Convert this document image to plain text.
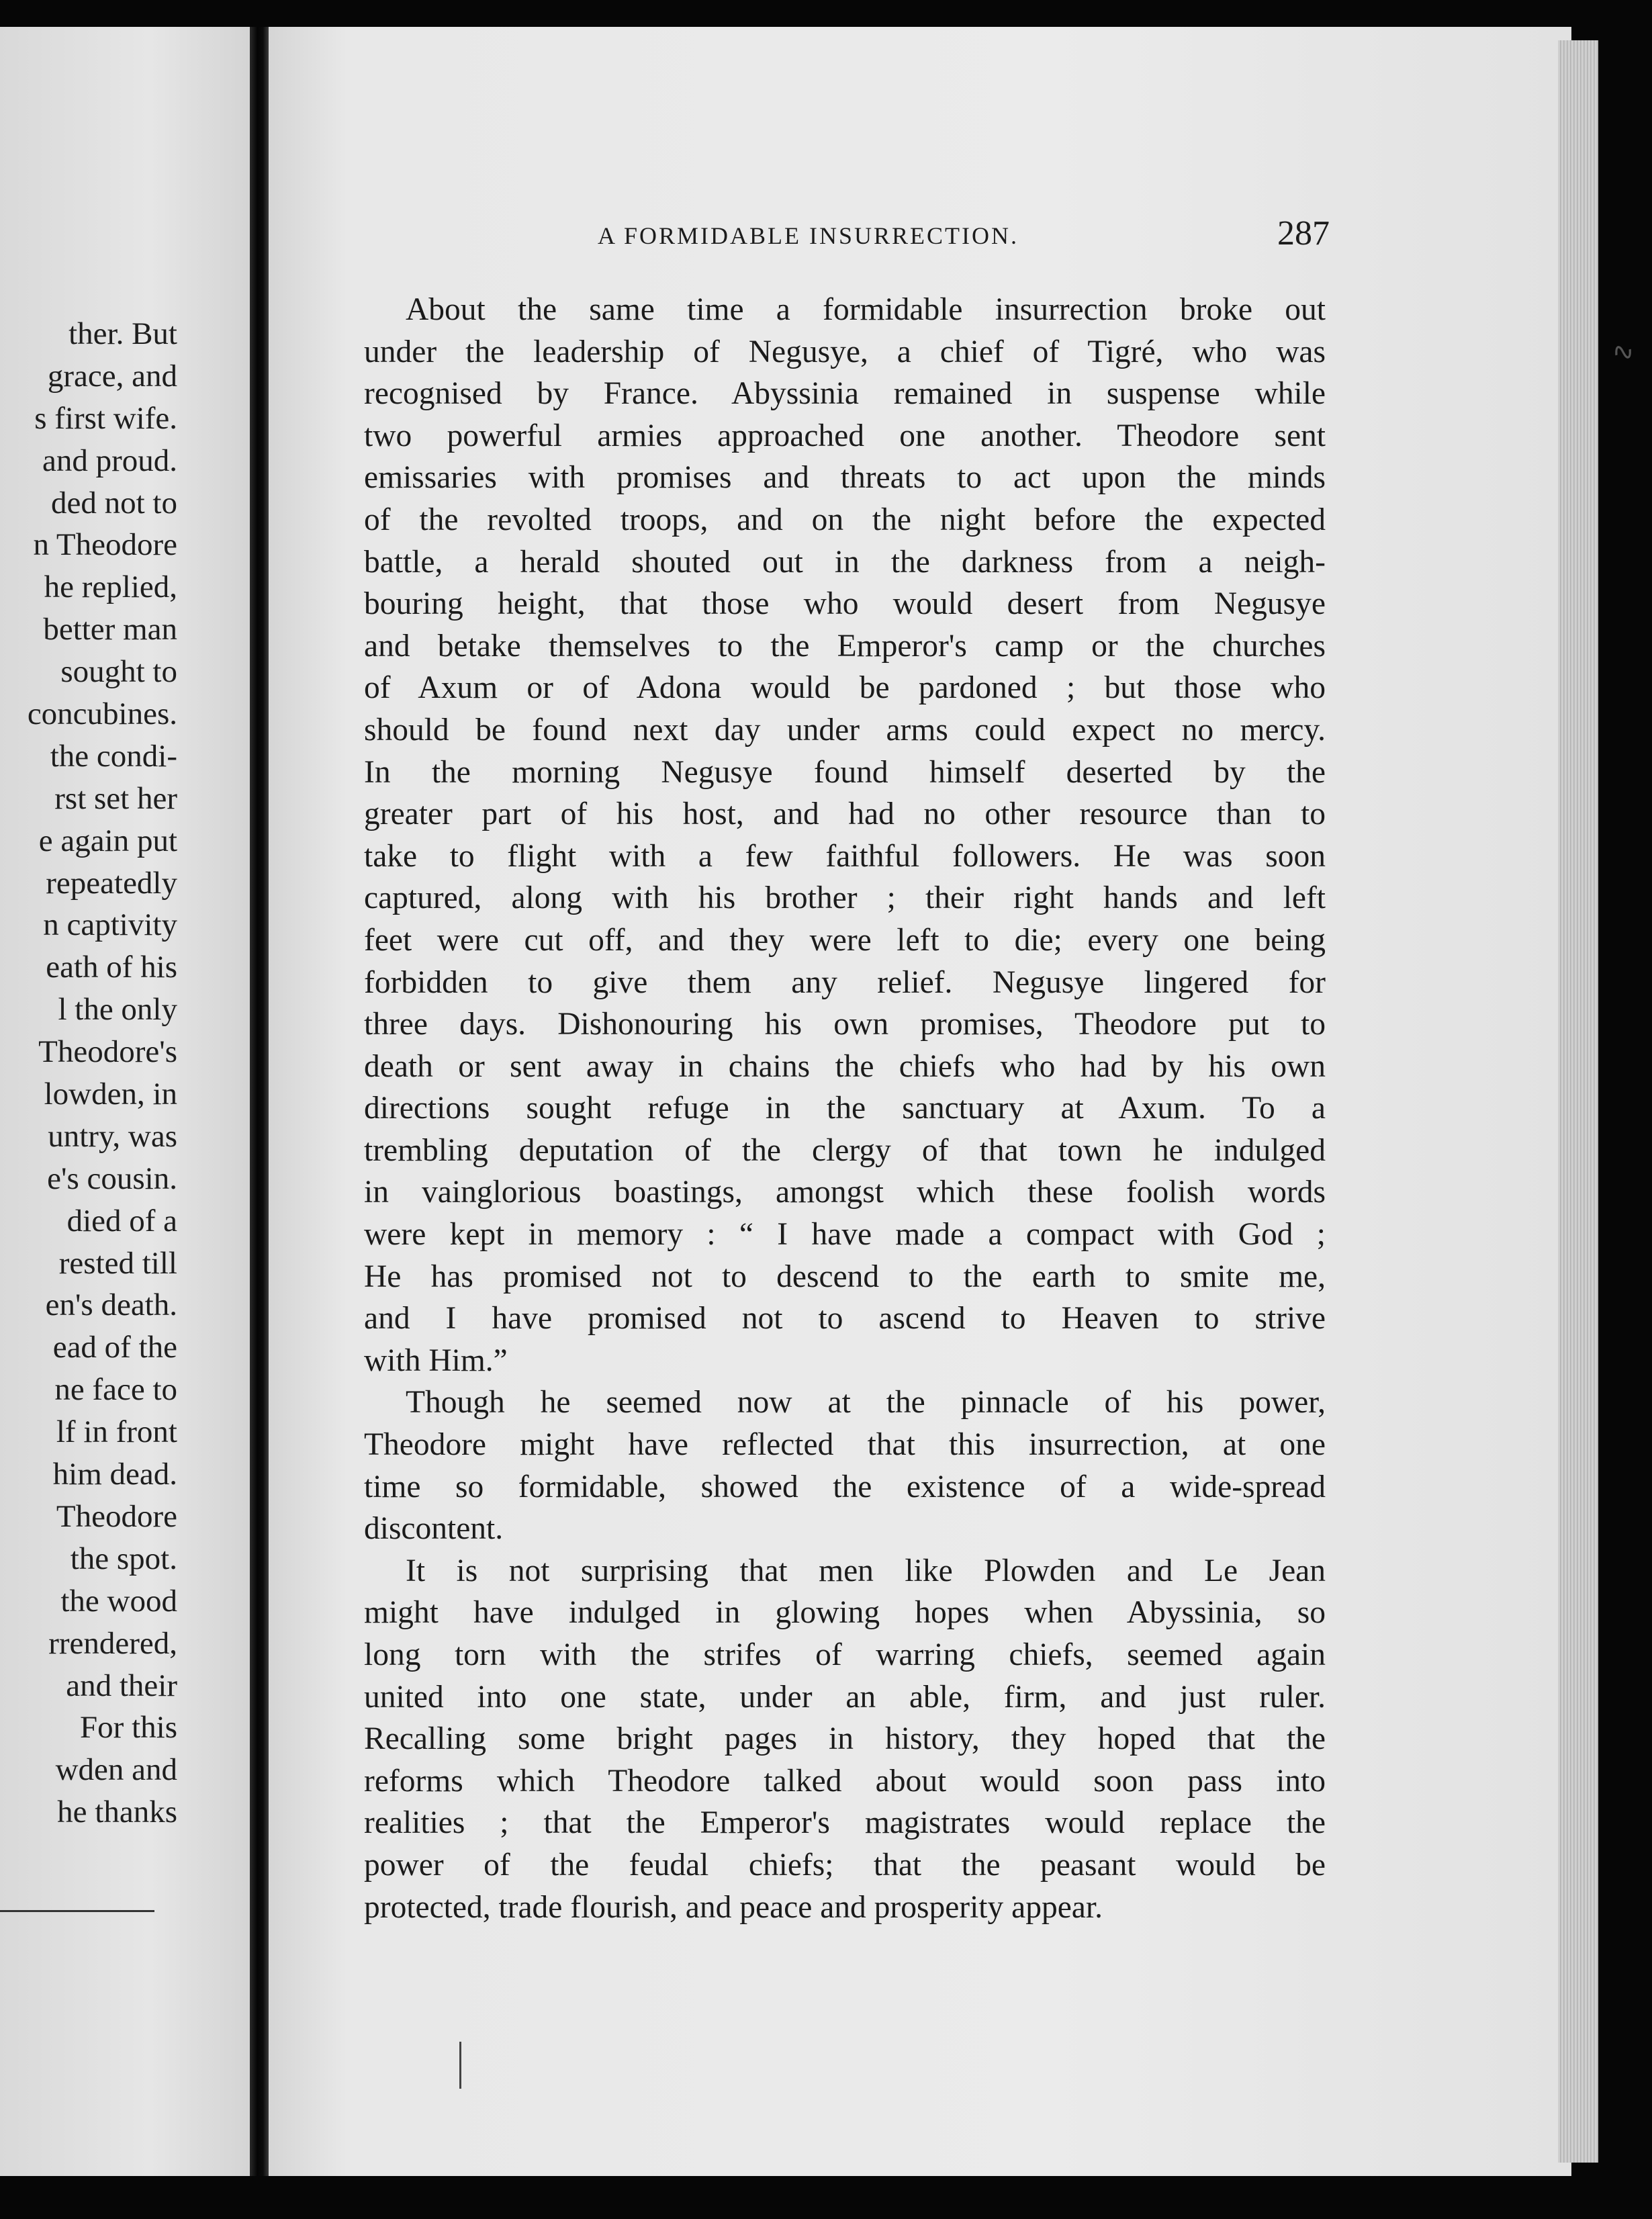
ther. But
grace, and
s first wife.
and proud.
ded not to
n Theodore
he replied,
better man
sought to
concubines.
the condi-
rst set her
e again put
repeatedly
n captivity
eath of his
l the only
Theodore's
lowden, in
untry, was
e's cousin.
died of a
rested till
en's death.
ead of the
ne face to
lf in front
him dead.
Theodore
the spot.
the wood
rrendered,
and their
For this
wden and
he thanks
A FORMIDABLE INSURRECTION.	287
About the same time a formidable insurrection broke out
under the leadership of Negusye, a chief of Tigré, who was
recognised by France. Abyssinia remained in suspense while
two powerful armies approached one another. Theodore sent
emissaries with promises and threats to act upon the minds
of the revolted troops, and on the night before the expected
battle, a herald shouted out in the darkness from a neigh-
bouring height, that those who would desert from Negusye
and betake themselves to the Emperor's camp or the churches
of Axum or of Adona would be pardoned ; but those who
should be found next day under arms could expect no mercy.
In the morning Negusye found himself deserted by the
greater part of his host, and had no other resource than to
take to flight with a few faithful followers. He was soon
captured, along with his brother ; their right hands and left
feet were cut off, and they were left to die; every one being
forbidden to give them any relief. Negusye lingered for
three days. Dishonouring his own promises, Theodore put to
death or sent away in chains the chiefs who had by his own
directions sought refuge in the sanctuary at Axum. To a
trembling deputation of the clergy of that town he indulged
in vainglorious boastings, amongst which these foolish words
were kept in memory : “ I have made a compact with God ;
He has promised not to descend to the earth to smite me,
and I have promised not to ascend to Heaven to strive
with Him.”
Though he seemed now at the pinnacle of his power,
Theodore might have reflected that this insurrection, at one
time so formidable, showed the existence of a wide-spread
discontent.
It is not surprising that men like Plowden and Le Jean
might have indulged in glowing hopes when Abyssinia, so
long torn with the strifes of warring chiefs, seemed again
united into one state, under an able, firm, and just ruler.
Recalling some bright pages in history, they hoped that the
reforms which Theodore talked about would soon pass into
realities ; that the Emperor's magistrates would replace the
power of the feudal chiefs; that the peasant would be
protected, trade flourish, and peace and prosperity appear.
∿
